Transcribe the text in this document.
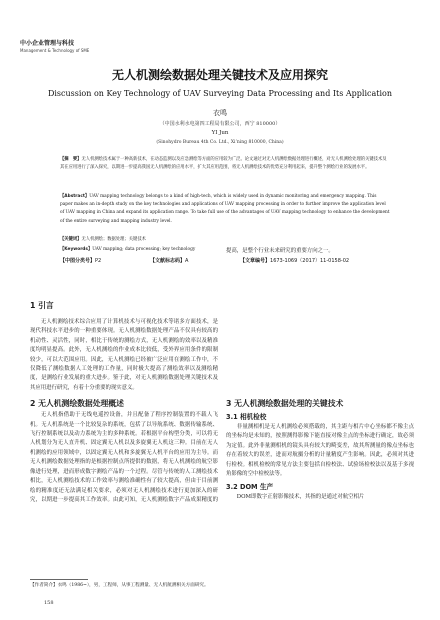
中小企业管理与科技
Management & Technology of SME
无人机测绘数据处理关键技术及应用探究
Discussion on Key Technology of UAV Surveying Data Processing and Its Application
衣鸣
（中国水利水电第四工程局有限公司，西宁 810000）
YI Jun
(Sinohydro Bureau 4th Co. Ltd., Xi’ning 810000, China)
【摘　要】无人机测绘技术属于一种高新技术，在动态监测以及应急测绘等方面的应用较为广泛。论文通过对无人机测绘数据处理进行概述，对无人机测绘处理的关键技术及其在应用进行了深入探究，以期进一步提高我国无人机测绘的应用水平，扩大其应用范围，将无人机测绘技术的优势充分利用起来，提升整个测绘行业的发展水平。
【Abstract】UAV mapping technology belongs to a kind of high-tech, which is widely used in dynamic monitoring and emergency mapping. This paper makes an in-depth study on the key technologies and applications of UAV mapping processing in order to further improve the application level of UAV mapping in China and expand its application range. To take full use of the advantages of UAV mapping technology to enhance the development of the entire surveying and mapping industry level.
【关键词】无人机测绘；数据处理；关键技术
【Keywords】UAV mapping; data processing; key technology
【中图分类号】P2	【文献标志码】A	【文章编号】1673-1069（2017）11-0158-02
1 引言

无人机测绘技术综合应用了计算机技术与可视化技术等诸多方面技术，是现代科技水平进步的一种重要体现。无人机测绘数据处理产品不仅具有较高的机动性、灵活性，同时，相比于传统的测绘方式，无人机测绘的效率以及精准度均明显提高。此外，无人机测绘的作业成本比较低，受外界应用条件的限制较少，可以大范围应用。因此，无人机测绘已经被广泛应用在测绘工作中，不仅降低了测绘数据人工处理的工作量，同时极大提高了测绘效率以及测绘精度，是测绘行业发展的重大进步。鉴于此，对无人机测绘数据处理关键技术及其应用进行研究，有着十分重要的现实意义。

2 无人机测绘数据处理概述

无人机指借助于无线电遥控设备，并且配备了程序控制装置的不载人飞机。无人机系统是一个比较复杂的系统，包括了以导航系统、数据传输系统、飞行控制系统以及动力系统为主的多种系统。若根据平台构型分类，可以将无人机划分为无人直升机、固定翼无人机以及多旋翼无人机这三种。目前在无人机测绘的应用领域中，以固定翼无人机和多旋翼无人机平台的应用为主导。而无人机测绘数据处理指的是根据控制点所提供的数据，将无人机测绘的航空影像进行处理，进而形成数字测绘产品的一个过程。尽管与传统的人工测绘技术相比，无人机测绘技术的工作效率与测绘准确性有了较大提高，但由于目前测绘的精准度还无法满足相关要求，必须对无人机测绘技术进行更加深入的研究，以期进一步提高其工作效率。由此可知，无人机测绘数字产品成果精度的

提高，是整个行业未来研究的重要方向之一。

3 无人机测绘数据处理的关键技术
3.1 相机检校

非量测相机是无人机测绘必须搭载的，其主距与相片中心坐标都不像主点的坐标均是未知的，按照测得影像下能直接对像主点的坐标进行确定，故必须为定值。此外非量测相机的镜头具有较大的畸变差，故其所测量的像点坐标也存在着较大的误差，进而对航摄分析的计量精度产生影响。因此，必须对其进行检校。相机检校的常见方法主要包括自检校法、试验场检校法以及基于多视角影像的空中检校法等。

3.2 DOM 生产

DOM即数字正射影像技术，其指的是通过对航空相片

【作者简介】衣鸣（1986~），男，工程师，从事工程测量、无人机航测相关方面研究。
158
